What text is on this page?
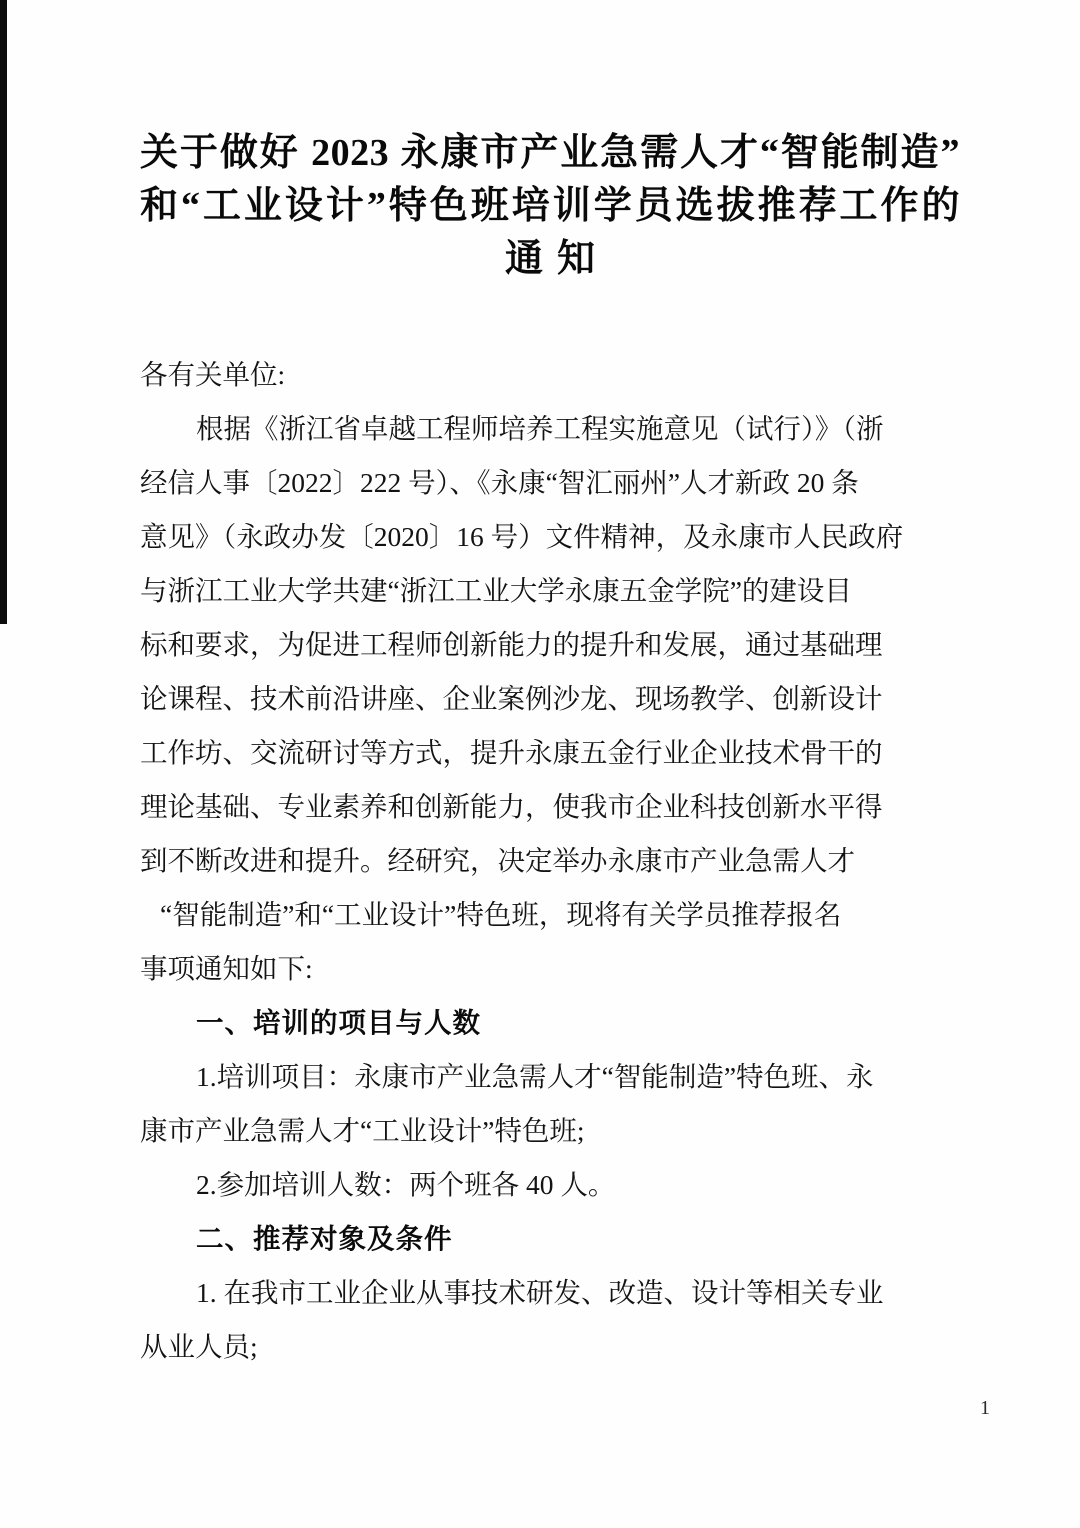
关于做好 2023 永康市产业急需人才“智能制造”
和“工业设计”特色班培训学员选拔推荐工作的
通知
各有关单位:
根据《浙江省卓越工程师培养工程实施意见（试行）》（浙
经信人事〔2022〕222 号）、《永康“智汇丽州”人才新政 20 条
意见》（永政办发〔2020〕16 号）文件精神，及永康市人民政府
与浙江工业大学共建“浙江工业大学永康五金学院”的建设目
标和要求，为促进工程师创新能力的提升和发展，通过基础理
论课程、技术前沿讲座、企业案例沙龙、现场教学、创新设计
工作坊、交流研讨等方式，提升永康五金行业企业技术骨干的
理论基础、专业素养和创新能力，使我市企业科技创新水平得
到不断改进和提升。经研究，决定举办永康市产业急需人才
“智能制造”和“工业设计”特色班，现将有关学员推荐报名
事项通知如下:
一、培训的项目与人数
1.培训项目：永康市产业急需人才“智能制造”特色班、永
康市产业急需人才“工业设计”特色班;
2.参加培训人数：两个班各 40 人。
二、推荐对象及条件
1. 在我市工业企业从事技术研发、改造、设计等相关专业
从业人员;
1
